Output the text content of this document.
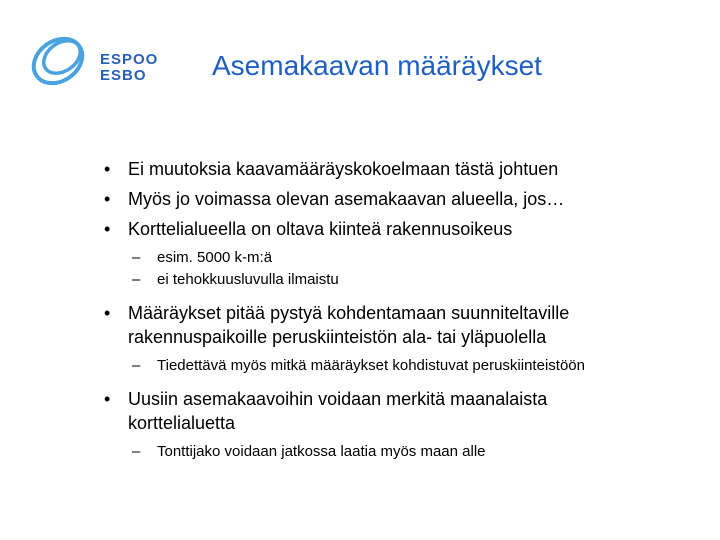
ESPOO
ESBO	Asemakaavan määräykset
• Ei muutoksia kaavamääräyskokoelmaan tästä johtuen
• Myös jo voimassa olevan asemakaavan alueella, jos…
• Korttelialueella on oltava kiinteä rakennusoikeus
– esim. 5000 k-m:ä
– ei tehokkuusluvulla ilmaistu
• Määräykset pitää pystyä kohdentamaan suunniteltaville
rakennuspaikoille peruskiinteistön ala- tai yläpuolella
– Tiedettävä myös mitkä määräykset kohdistuvat peruskiinteistöön
• Uusiin asemakaavoihin voidaan merkitä maanalaista
korttelialuetta
– Tonttijako voidaan jatkossa laatia myös maan alle
